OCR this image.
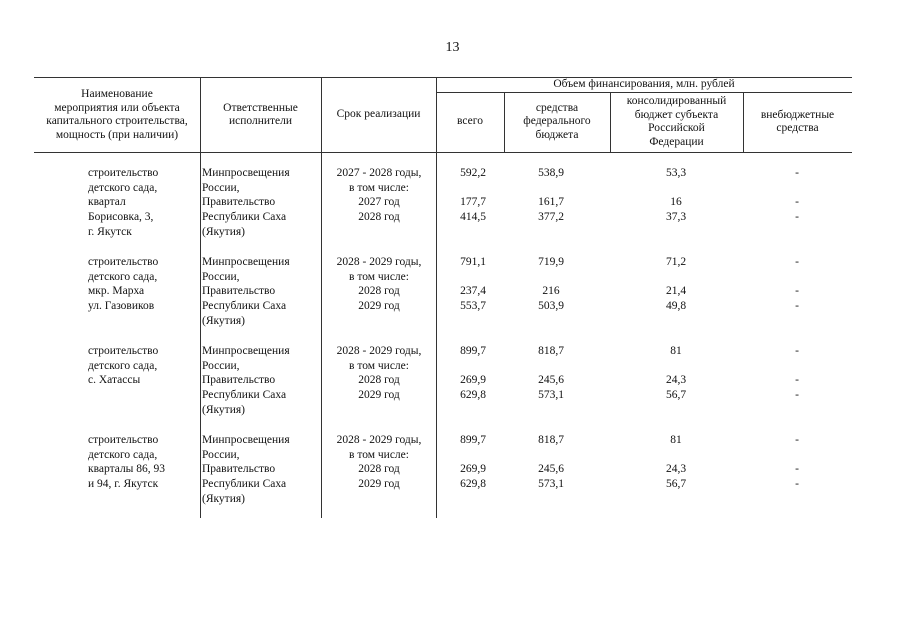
13
Наименование
мероприятия или объекта
капитального строительства,
мощность (при наличии)
Ответственные
исполнители
Срок реализации
Объем финансирования, млн. рублей
всего
средства
федерального
бюджета
консолидированный
бюджет субъекта
Российской
Федерации
внебюджетные
средства
строительство
детского сада,
квартал
Борисовка, 3,
г. Якутск
Минпросвещения
России,
Правительство
Республики Саха
(Якутия)
2027 - 2028 годы,
в том числе:
2027 год
2028 год
592,2

177,7
414,5
538,9

161,7
377,2
53,3

16
37,3
-

-
-
строительство
детского сада,
мкр. Марха
ул. Газовиков
Минпросвещения
России,
Правительство
Республики Саха
(Якутия)
2028 - 2029 годы,
в том числе:
2028 год
2029 год
791,1

237,4
553,7
719,9

216
503,9
71,2

21,4
49,8
-

-
-
строительство
детского сада,
с. Хатассы
Минпросвещения
России,
Правительство
Республики Саха
(Якутия)
2028 - 2029 годы,
в том числе:
2028 год
2029 год
899,7

269,9
629,8
818,7

245,6
573,1
81

24,3
56,7
-

-
-
строительство
детского сада,
кварталы 86, 93
и 94, г. Якутск
Минпросвещения
России,
Правительство
Республики Саха
(Якутия)
2028 - 2029 годы,
в том числе:
2028 год
2029 год
899,7

269,9
629,8
818,7

245,6
573,1
81

24,3
56,7
-

-
-
